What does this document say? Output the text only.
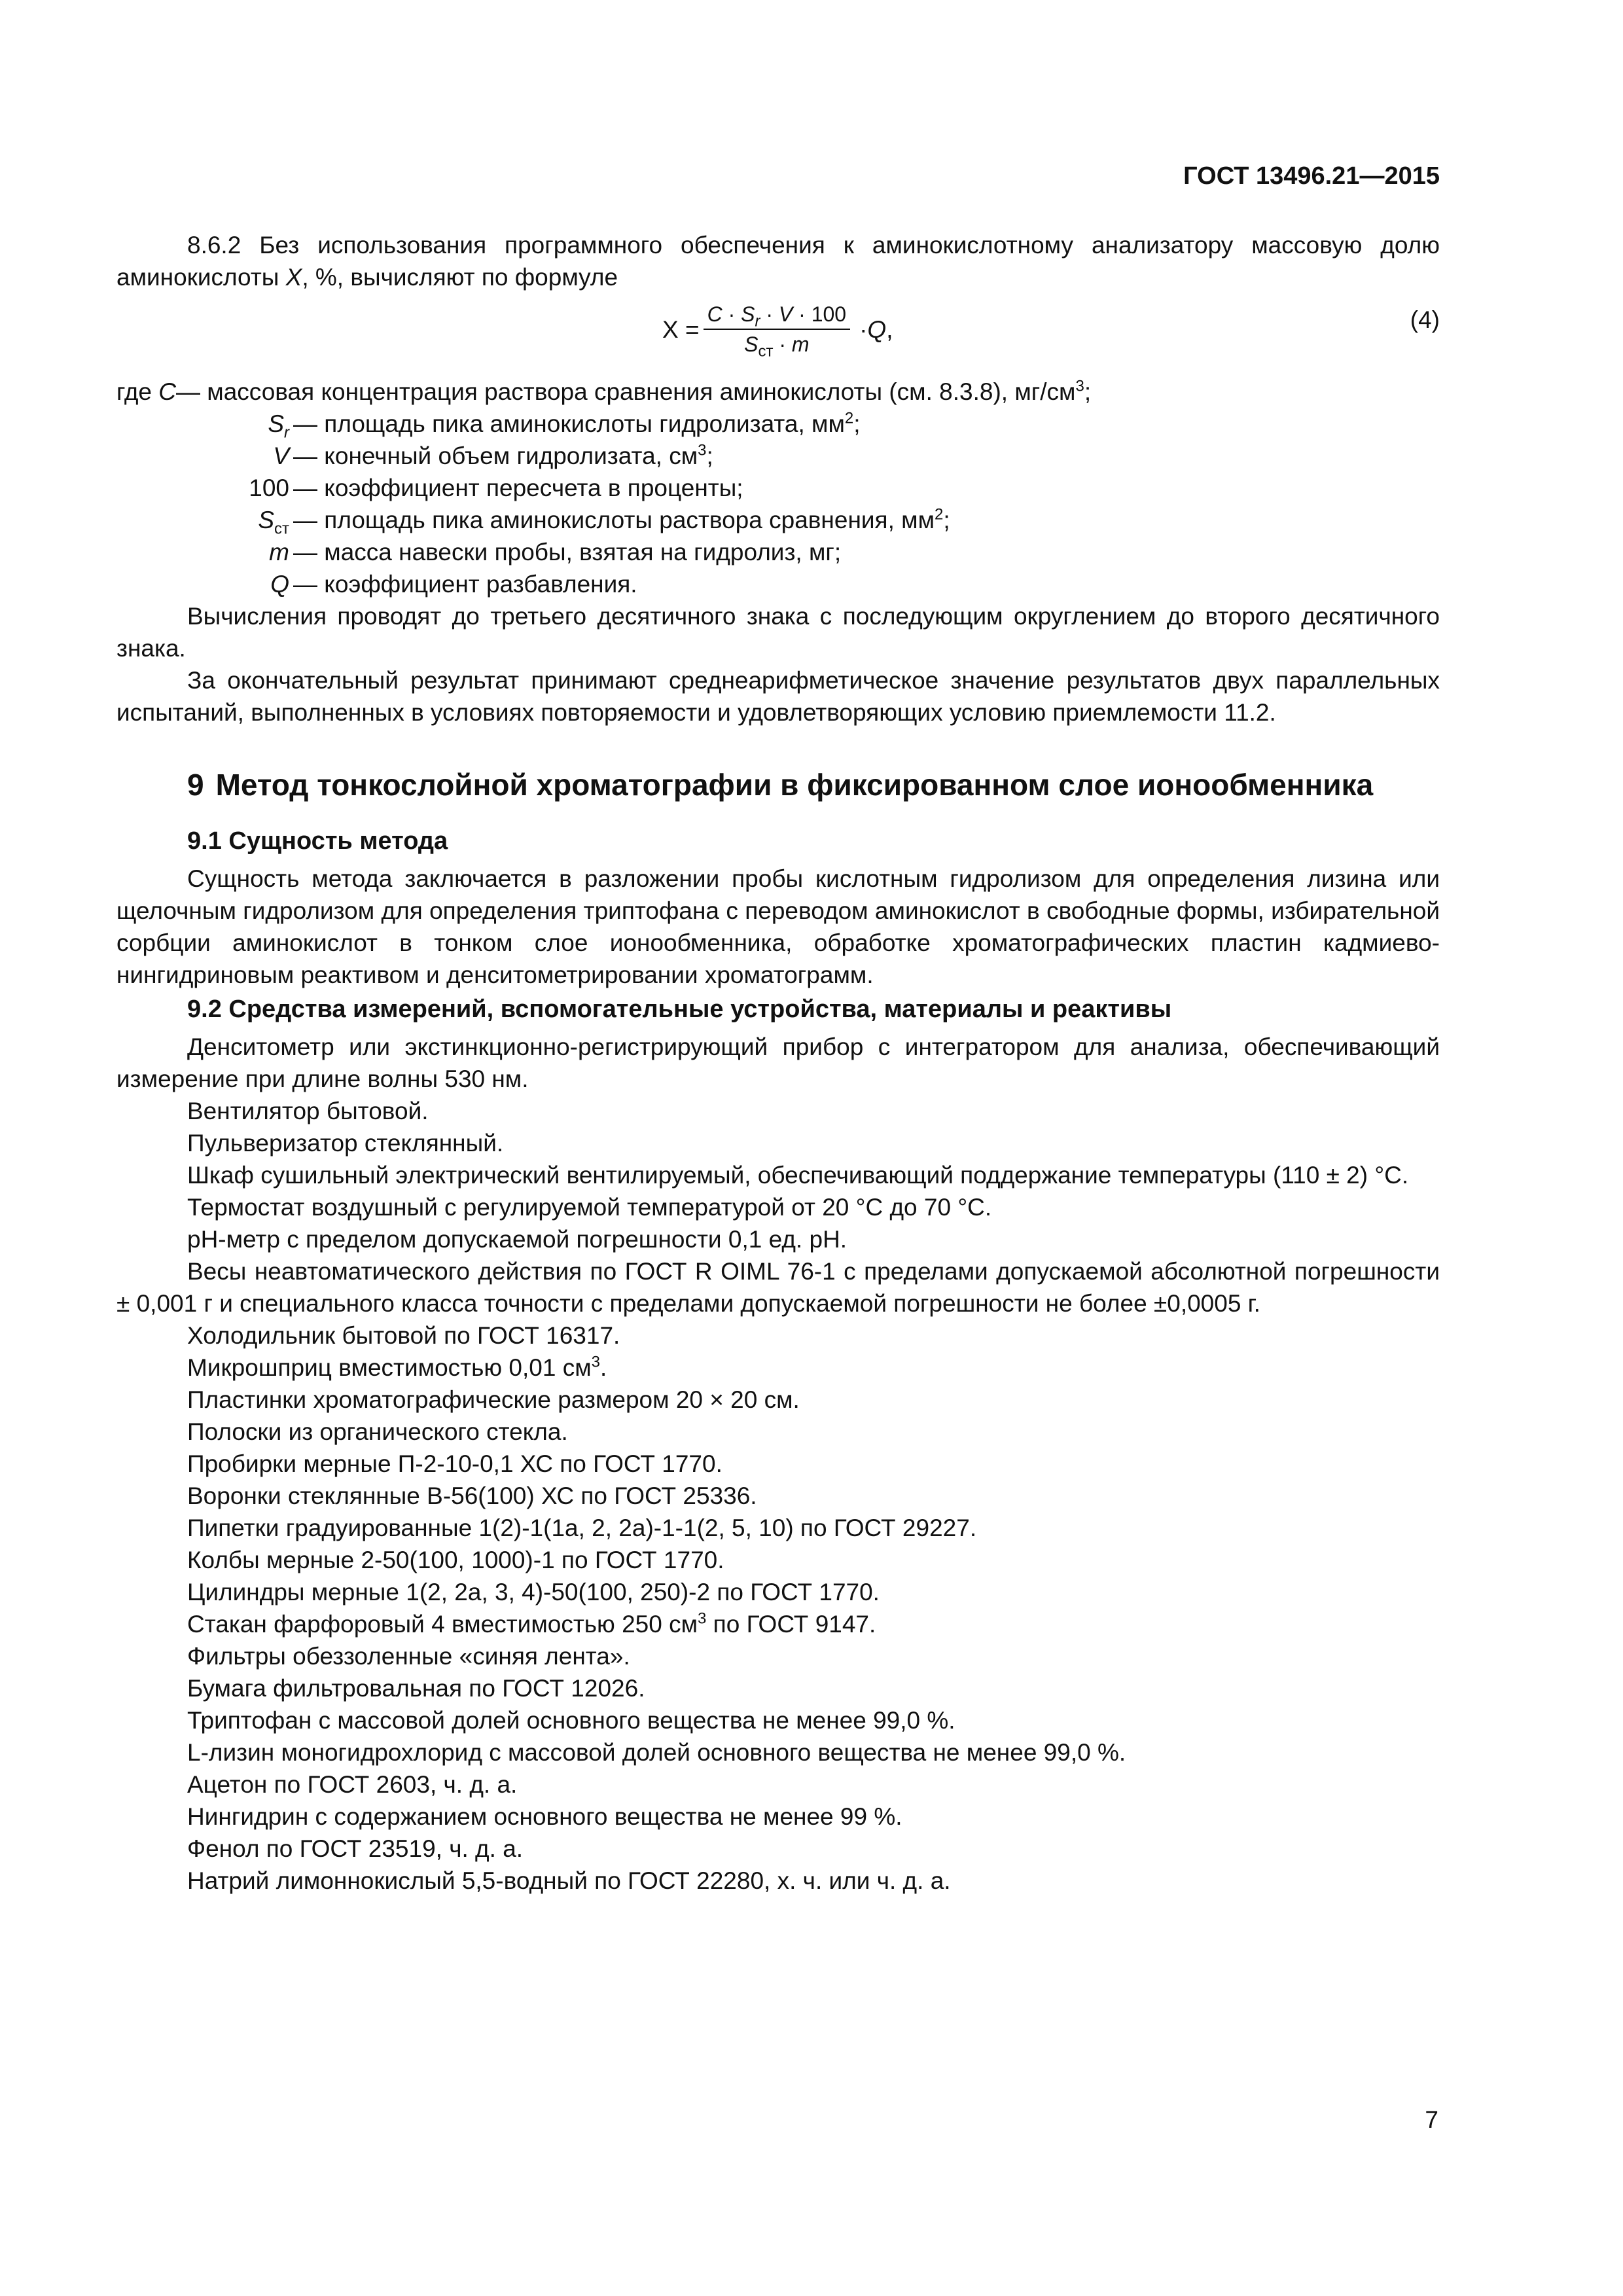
ГОСТ 13496.21—2015

8.6.2 Без использования программного обеспечения к аминокислотному анализатору массовую долю аминокислоты X, %, вычисляют по формуле

$X = \frac{C \cdot S_r \cdot V \cdot 100}{S_{ст} \cdot m} \cdot Q$ ,	(4)
где C — массовая концентрация раствора сравнения аминокислоты (см. 8.3.8), $мг/см^3$;
$S_r$ — площадь пика аминокислоты гидролизата, $мм^2$;
V — конечный объем гидролизата, $см^3$;
100 — коэффициент пересчета в проценты;
$S_{ст}$ — площадь пика аминокислоты раствора сравнения, $мм^2$;
m — масса навески пробы, взятая на гидролиз, мг;
Q — коэффициент разбавления.

Вычисления проводят до третьего десятичного знака с последующим округлением до второго десятичного знака.

За окончательный результат принимают среднеарифметическое значение результатов двух параллельных испытаний, выполненных в условиях повторяемости и удовлетворяющих условию приемлемости 11.2.

9 Метод тонкослойной хроматографии в фиксированном слое ионообменника
9.1 Сущность метода

Сущность метода заключается в разложении пробы кислотным гидролизом для определения лизина или щелочным гидролизом для определения триптофана с переводом аминокислот в свободные формы, избирательной сорбции аминокислот в тонком слое ионообменника, обработке хроматографических пластин кадмиево-нингидриновым реактивом и денситометрировании хроматограмм.

9.2 Средства измерений, вспомогательные устройства, материалы и реактивы

Денситометр или экстинкционно-регистрирующий прибор с интегратором для анализа, обеспечивающий измерение при длине волны 530 нм.

Вентилятор бытовой.

Пульверизатор стеклянный.

Шкаф сушильный электрический вентилируемый, обеспечивающий поддержание температуры (110 ± 2) °С.

Термостат воздушный с регулируемой температурой от 20 °С до 70 °С.

pH-метр с пределом допускаемой погрешности 0,1 ед. pH.

Весы неавтоматического действия по ГОСТ R OIML 76-1 с пределами допускаемой абсолютной погрешности ± 0,001 г и специального класса точности с пределами допускаемой погрешности не более ±0,0005 г.

Холодильник бытовой по ГОСТ 16317.

Микрошприц вместимостью 0,01 $см^3$.

Пластинки хроматографические размером 20 × 20 см.

Полоски из органического стекла.

Пробирки мерные П-2-10-0,1 ХС по ГОСТ 1770.

Воронки стеклянные В-56(100) ХС по ГОСТ 25336.

Пипетки градуированные 1(2)-1(1а, 2, 2а)-1-1(2, 5, 10) по ГОСТ 29227.

Колбы мерные 2-50(100, 1000)-1 по ГОСТ 1770.

Цилиндры мерные 1(2, 2а, 3, 4)-50(100, 250)-2 по ГОСТ 1770.

Стакан фарфоровый 4 вместимостью 250 $см^3$ по ГОСТ 9147.

Фильтры обеззоленные «синяя лента».

Бумага фильтровальная по ГОСТ 12026.

Триптофан с массовой долей основного вещества не менее 99,0 %.

L-лизин моногидрохлорид с массовой долей основного вещества не менее 99,0 %.

Ацетон по ГОСТ 2603, ч. д. а.

Нингидрин с содержанием основного вещества не менее 99 %.

Фенол по ГОСТ 23519, ч. д. а.

Натрий лимоннокислый 5,5-водный по ГОСТ 22280, х. ч. или ч. д. а.

7
